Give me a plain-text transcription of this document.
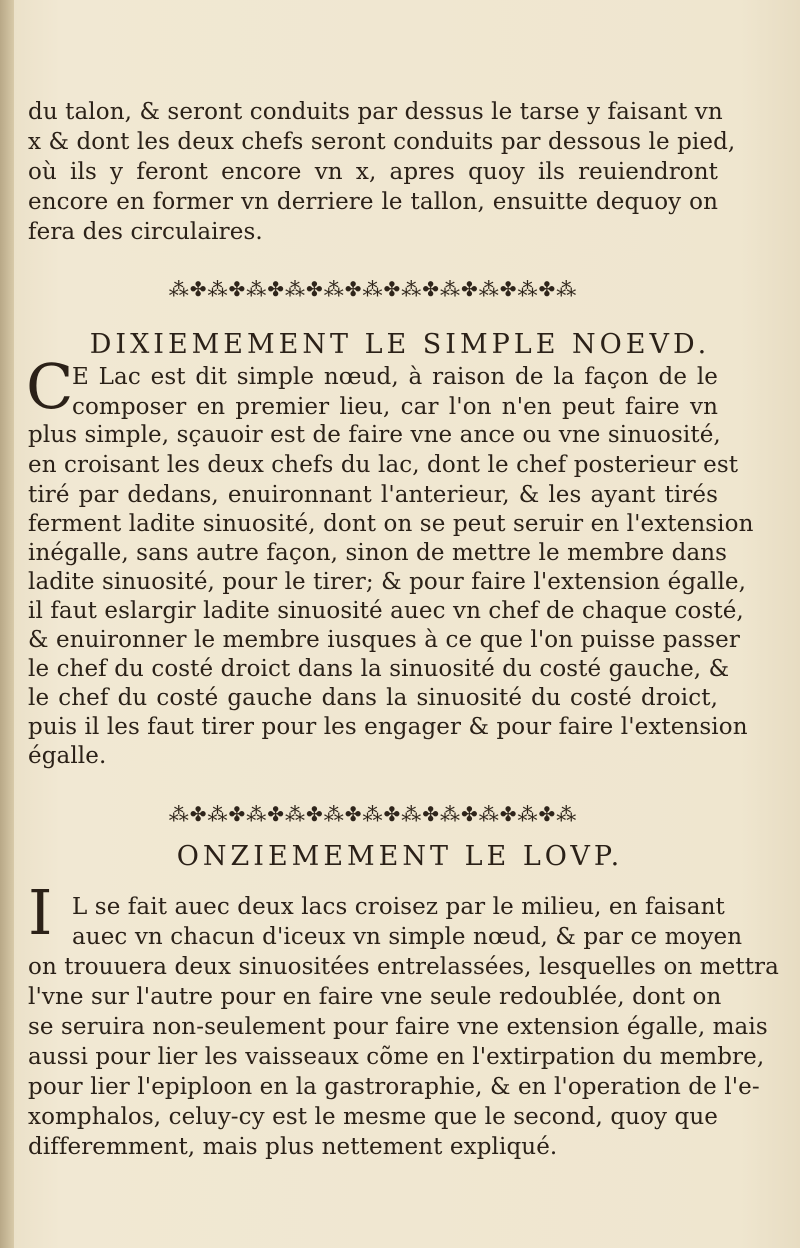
du talon, & seront conduits par dessus le tarse y faisant vn
x & dont les deux chefs seront conduits par dessous le pied,
où ils y feront encore vn x, apres quoy ils reuiendront
encore en former vn derriere le tallon, ensuitte dequoy on
fera des circulaires.
⁂✤⁂✤⁂✤⁂✤⁂✤⁂✤⁂✤⁂✤⁂✤⁂✤⁂
DIXIEMEMENT LE SIMPLE NOEVD.
C
E Lac est dit simple nœud, à raison de la façon de le
composer en premier lieu, car l'on n'en peut faire vn
plus simple, sçauoir est de faire vne ance ou vne sinuosité,
en croisant les deux chefs du lac, dont le chef posterieur est
tiré par dedans, enuironnant l'anterieur, & les ayant tirés
ferment ladite sinuosité, dont on se peut seruir en l'extension
inégalle, sans autre façon, sinon de mettre le membre dans
ladite sinuosité, pour le tirer; & pour faire l'extension égalle,
il faut eslargir ladite sinuosité auec vn chef de chaque costé,
& enuironner le membre iusques à ce que l'on puisse passer
le chef du costé droict dans la sinuosité du costé gauche, &
le chef du costé gauche dans la sinuosité du costé droict,
puis il les faut tirer pour les engager & pour faire l'extension
égalle.
⁂✤⁂✤⁂✤⁂✤⁂✤⁂✤⁂✤⁂✤⁂✤⁂✤⁂
ONZIEMEMENT LE LOVP.
I L se fait auec deux lacs croisez par le milieu, en faisant
auec vn chacun d'iceux vn simple nœud, & par ce moyen
on trouuera deux sinuositées entrelassées, lesquelles on mettra
l'vne sur l'autre pour en faire vne seule redoublée, dont on
se seruira non-seulement pour faire vne extension égalle, mais
aussi pour lier les vaisseaux cõme en l'extirpation du membre,
pour lier l'epiploon en la gastroraphie, & en l'operation de l'e-
xomphalos, celuy-cy est le mesme que le second, quoy que
differemment, mais plus nettement expliqué.
